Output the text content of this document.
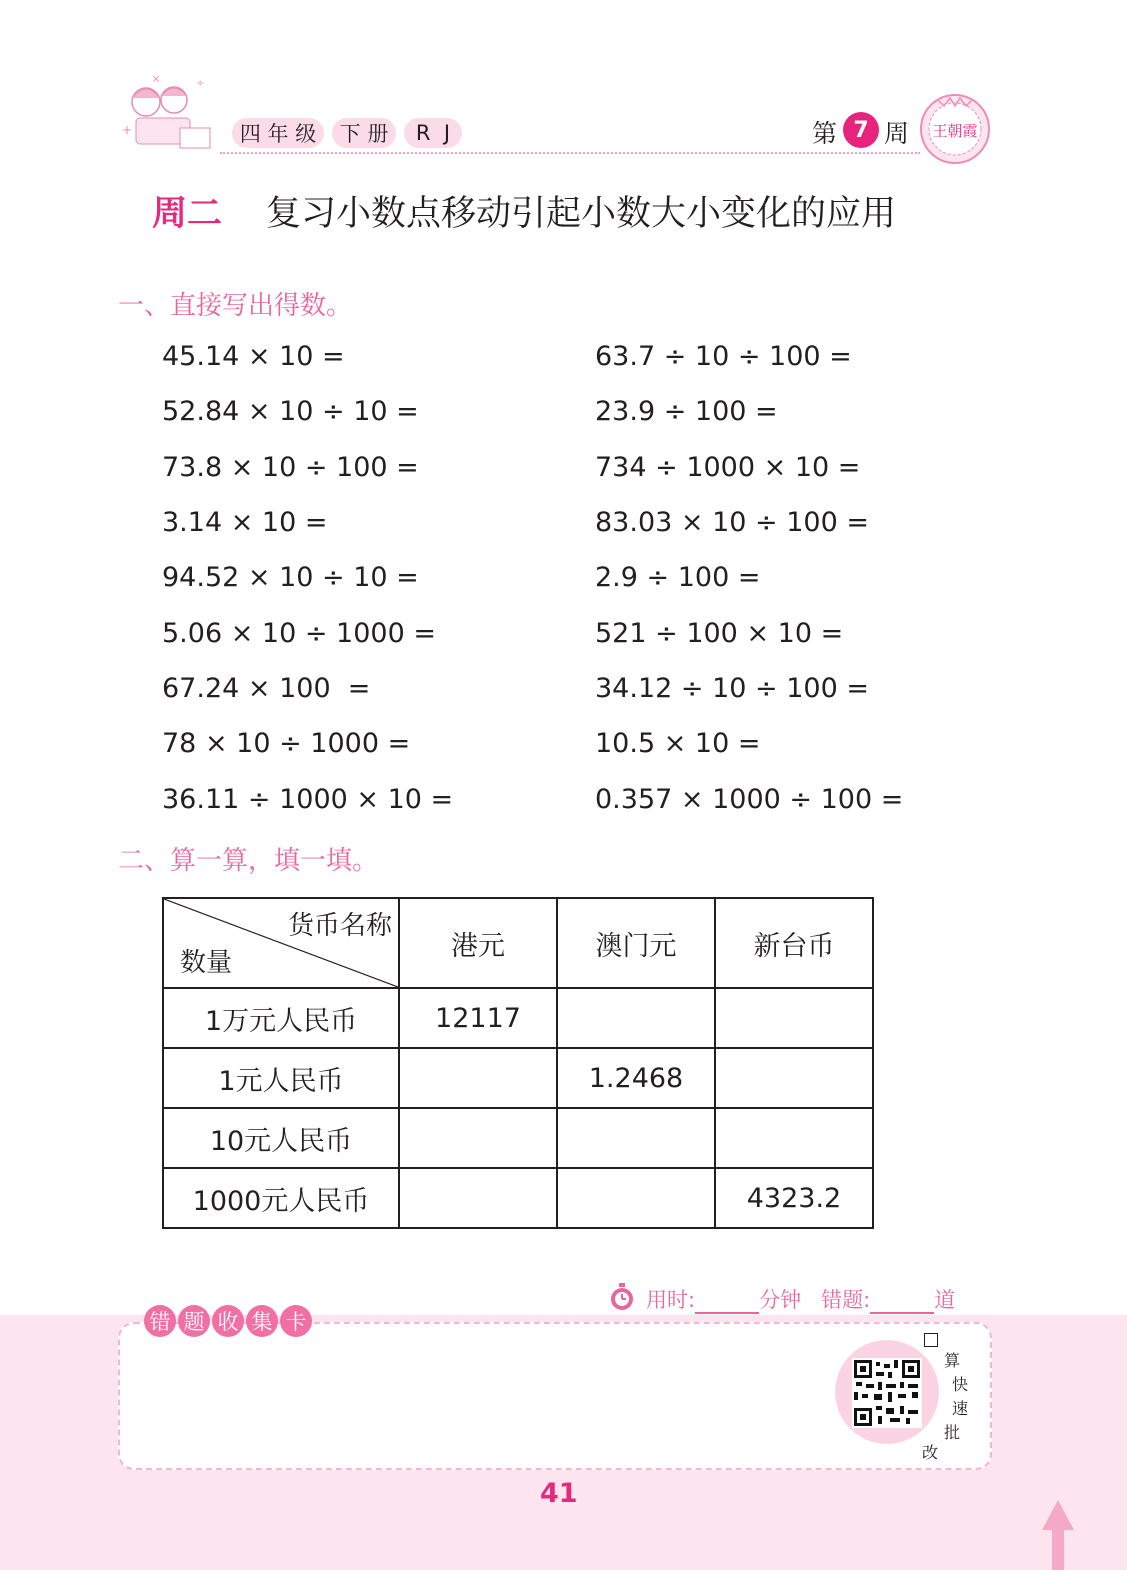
+
÷
×
四
年
级 下
册 R
J	第 7 周 王朝霞
周二 复习小数点移动引起小数大小变化的应用
一、直接写出得数。
45.14 × 10 =
52.84 × 10 ÷ 10 =
73.8 × 10 ÷ 100 =
3.14 × 10 =
94.52 × 10 ÷ 10 =
5.06 × 10 ÷ 1000 =
67.24 × 100  =
78 × 10 ÷ 1000 =
36.11 ÷ 1000 × 10 =
63.7 ÷ 10 ÷ 100 =
23.9 ÷ 100 =
734 ÷ 1000 × 10 =
83.03 × 10 ÷ 100 =
2.9 ÷ 100 =
521 ÷ 100 × 10 =
34.12 ÷ 10 ÷ 100 =
10.5 × 10 =
0.357 × 1000 ÷ 100 =
二、算一算，填一填。
货币名称
数量	港元	澳门元	新台币
1万元人民币	12117		
1元人民币		1.2468	
10元人民币			
1000元人民币			4323.2
用时:	分钟 错题:	道
错 题 收 集 卡
算
快
速
批
改
41
